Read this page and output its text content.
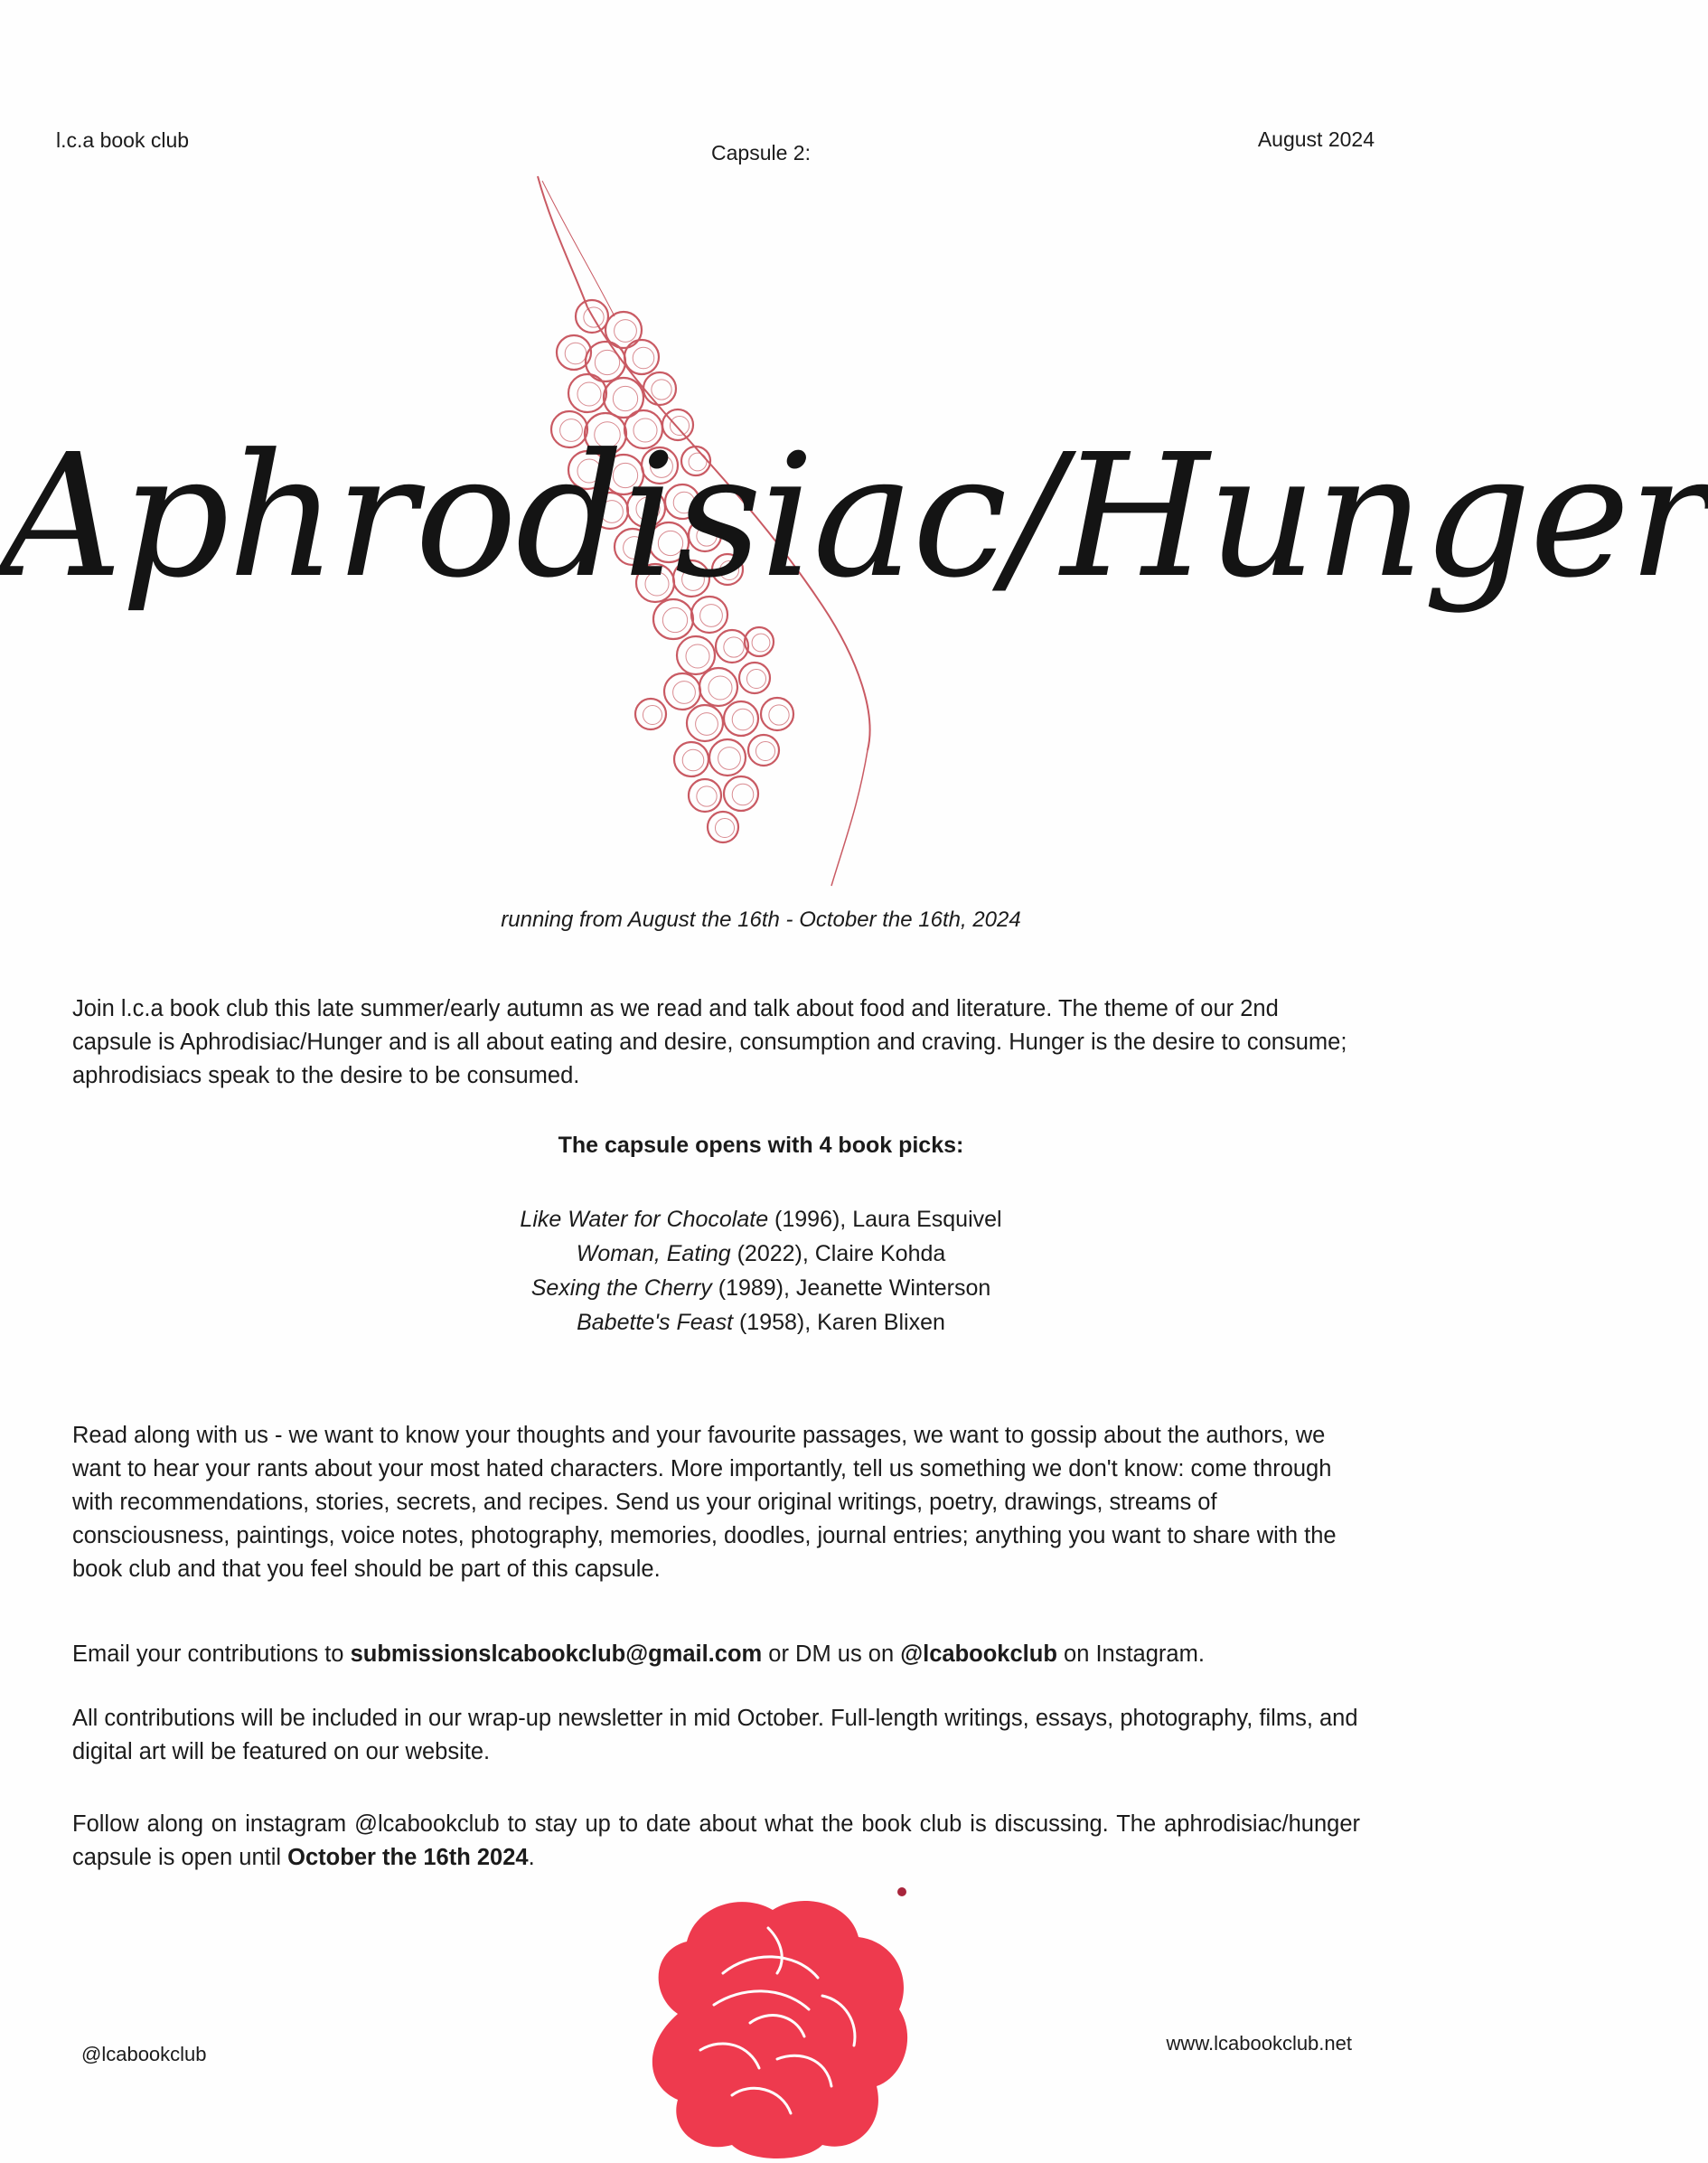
l.c.a book club
Capsule 2:
August 2024
Aphrodisiac/Hunger
running from August the 16th - October the 16th, 2024
Join l.c.a book club this late summer/early autumn as we read and talk about food and literature. The theme of our 2nd capsule is Aphrodisiac/Hunger and is all about eating and desire, consumption and craving. Hunger is the desire to consume; aphrodisiacs speak to the desire to be consumed.
The capsule opens with 4 book picks:
Like Water for Chocolate (1996), Laura Esquivel
Woman, Eating (2022), Claire Kohda
Sexing the Cherry (1989), Jeanette Winterson
Babette's Feast (1958), Karen Blixen
Read along with us - we want to know your thoughts and your favourite passages, we want to gossip about the authors, we want to hear your rants about your most hated characters. More importantly, tell us something we don't know: come through with recommendations, stories, secrets, and recipes. Send us your original writings, poetry, drawings, streams of consciousness, paintings, voice notes, photography, memories, doodles, journal entries; anything you want to share with the book club and that you feel should be part of this capsule.
Email your contributions to submissionslcabookclub@gmail.com or DM us on @lcabookclub on Instagram.
All contributions will be included in our wrap-up newsletter in mid October. Full-length writings, essays, photography, films, and digital art will be featured on our website.
Follow along on instagram @lcabookclub to stay up to date about what the book club is discussing. The aphrodisiac/hunger capsule is open until October the 16th 2024.
@lcabookclub	www.lcabookclub.net
